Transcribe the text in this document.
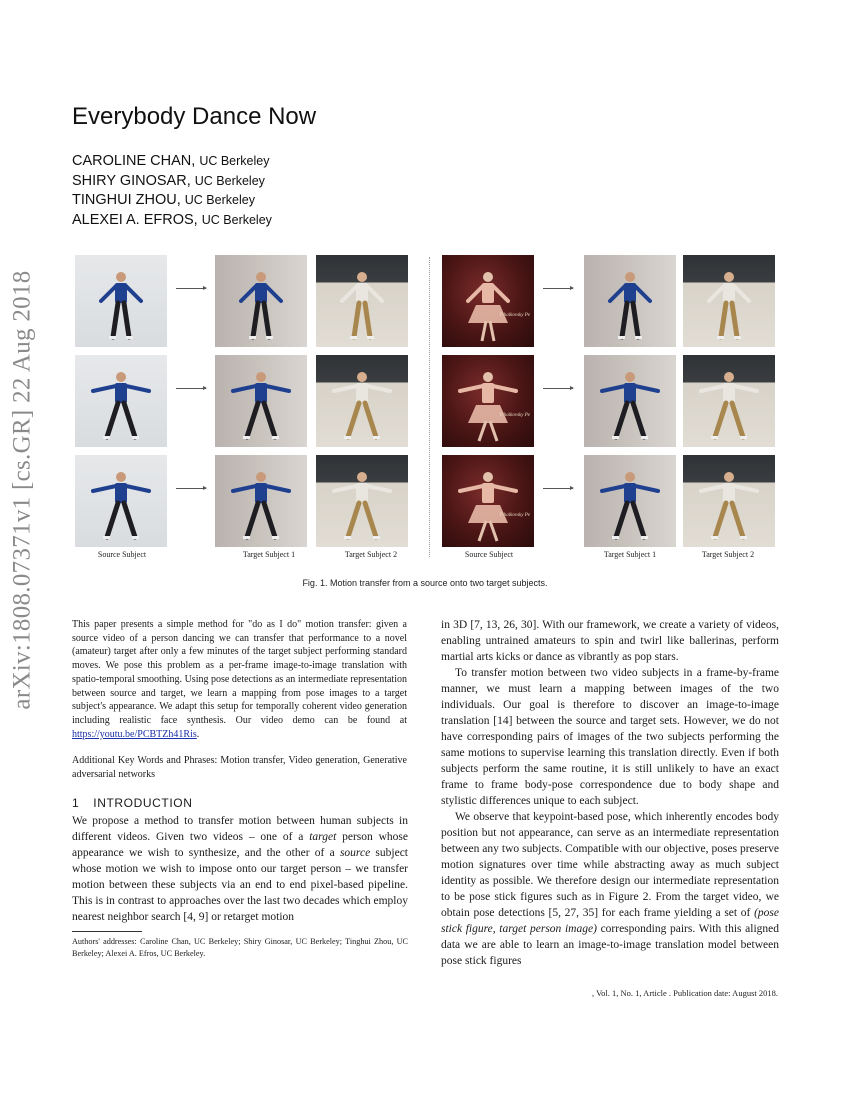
arXiv:1808.07371v1 [cs.GR] 22 Aug 2018
Everybody Dance Now
CAROLINE CHAN, UC Berkeley
SHIRY GINOSAR, UC Berkeley
TINGHUI ZHOU, UC Berkeley
ALEXEI A. EFROS, UC Berkeley
Tchaikovsky Pe
Tchaikovsky Pe
Tchaikovsky Pe
Source Subject	Target Subject 1	Target Subject 2	Source Subject	Target Subject 1	Target Subject 2
Fig. 1. Motion transfer from a source onto two target subjects.
This paper presents a simple method for "do as I do" motion transfer: given a source video of a person dancing we can transfer that performance to a novel (amateur) target after only a few minutes of the target subject performing standard moves. We pose this problem as a per-frame image-to-image translation with spatio-temporal smoothing. Using pose detections as an intermediate representation between source and target, we learn a mapping from pose images to a target subject's appearance. We adapt this setup for temporally coherent video generation including realistic face synthesis. Our video demo can be found at https://youtu.be/PCBTZh41Ris.
Additional Key Words and Phrases: Motion transfer, Video generation, Generative adversarial networks
1 INTRODUCTION

We propose a method to transfer motion between human subjects in different videos. Given two videos – one of a target person whose appearance we wish to synthesize, and the other of a source subject whose motion we wish to impose onto our target person – we transfer motion between these subjects via an end to end pixel-based pipeline. This is in contrast to approaches over the last two decades which employ nearest neighbor search [4, 9] or retarget motion

Authors' addresses: Caroline Chan, UC Berkeley; Shiry Ginosar, UC Berkeley; Tinghui Zhou, UC Berkeley; Alexei A. Efros, UC Berkeley.

in 3D [7, 13, 26, 30]. With our framework, we create a variety of videos, enabling untrained amateurs to spin and twirl like ballerinas, perform martial arts kicks or dance as vibrantly as pop stars.

To transfer motion between two video subjects in a frame-by-frame manner, we must learn a mapping between images of the two individuals. Our goal is therefore to discover an image-to-image translation [14] between the source and target sets. However, we do not have corresponding pairs of images of the two subjects performing the same motions to supervise learning this translation directly. Even if both subjects perform the same routine, it is still unlikely to have an exact frame to frame body-pose correspondence due to body shape and stylistic differences unique to each subject.

We observe that keypoint-based pose, which inherently encodes body position but not appearance, can serve as an intermediate representation between any two subjects. Compatible with our objective, poses preserve motion signatures over time while abstracting away as much subject identity as possible. We therefore design our intermediate representation to be pose stick figures such as in Figure 2. From the target video, we obtain pose detections [5, 27, 35] for each frame yielding a set of (pose stick figure, target person image) corresponding pairs. With this aligned data we are able to learn an image-to-image translation model between pose stick figures

, Vol. 1, No. 1, Article . Publication date: August 2018.
